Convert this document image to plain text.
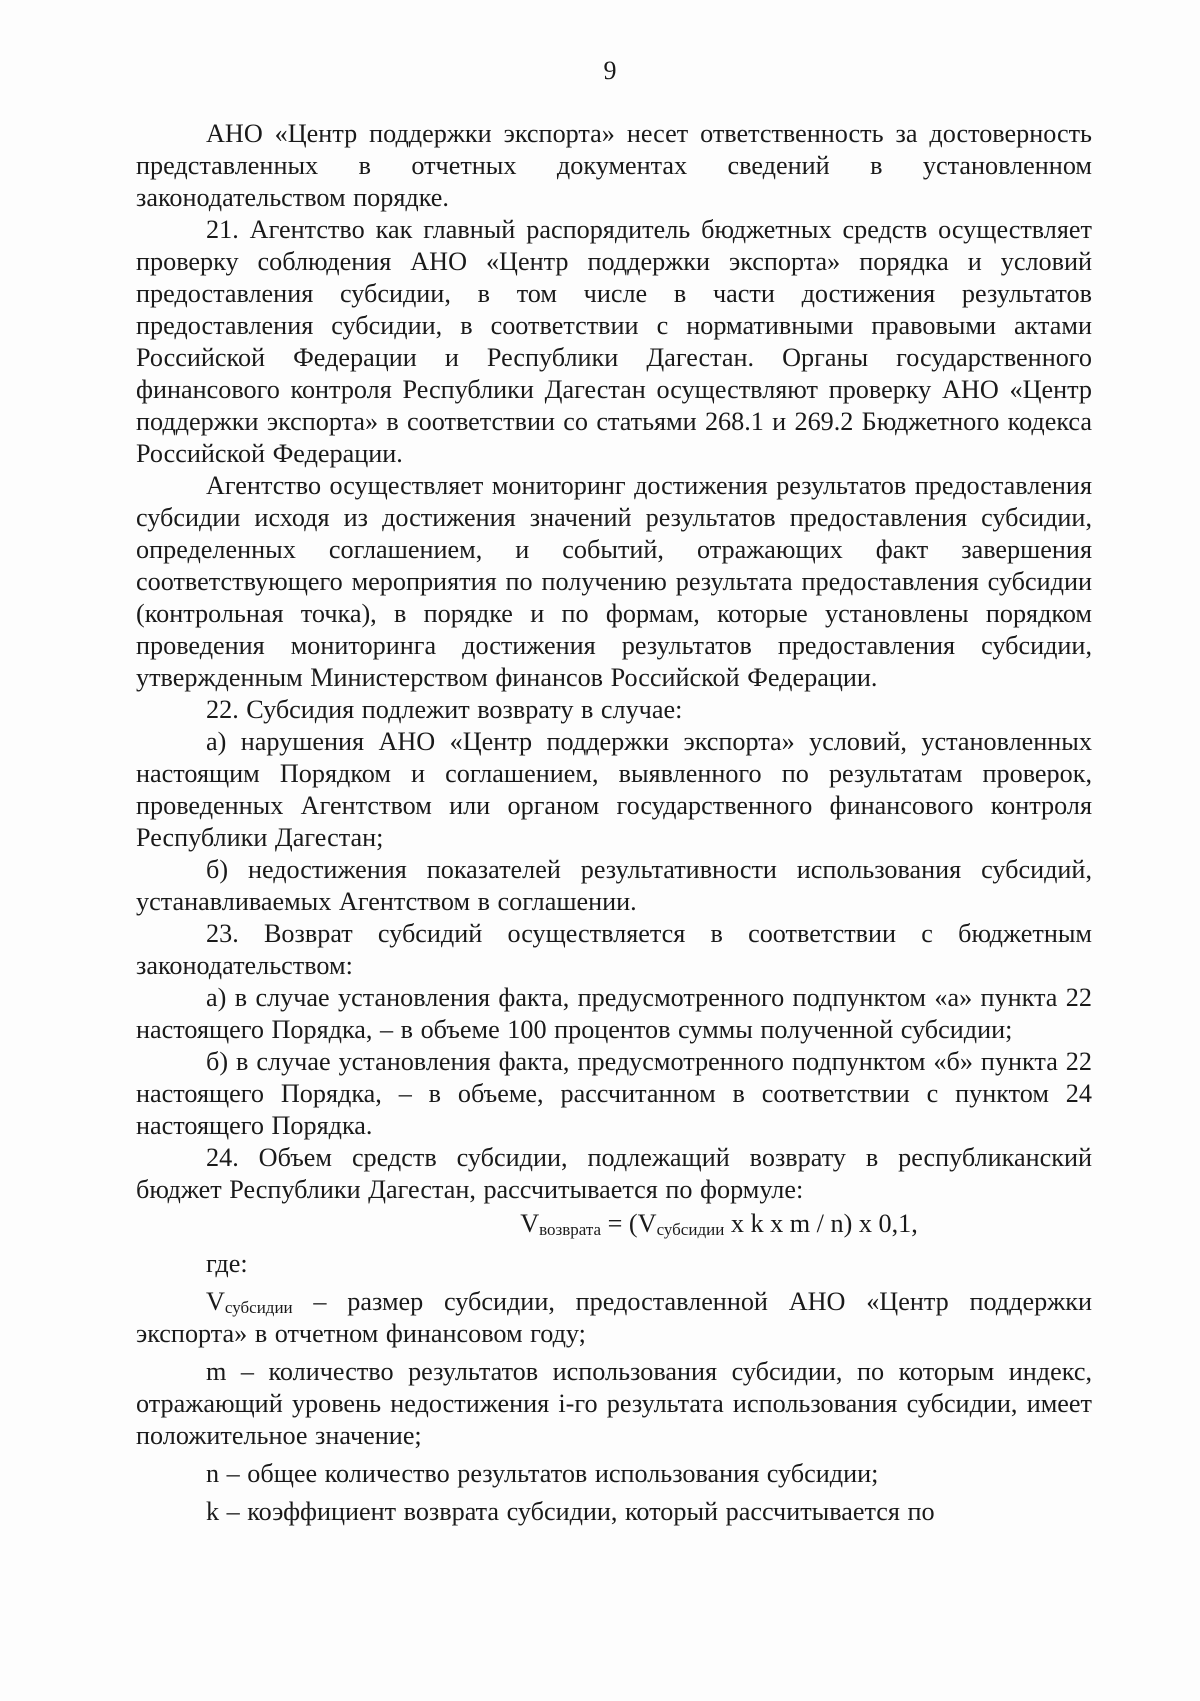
9

АНО «Центр поддержки экспорта» несет ответственность за достоверность представленных в отчетных документах сведений в установленном законодательством порядке.

21. Агентство как главный распорядитель бюджетных средств осуществляет проверку соблюдения АНО «Центр поддержки экспорта» порядка и условий предоставления субсидии, в том числе в части достижения результатов предоставления субсидии, в соответствии с нормативными правовыми актами Российской Федерации и Республики Дагестан. Органы государственного финансового контроля Республики Дагестан осуществляют проверку АНО «Центр поддержки экспорта» в соответствии со статьями 268.1 и 269.2 Бюджетного кодекса Российской Федерации.

Агентство осуществляет мониторинг достижения результатов предоставления субсидии исходя из достижения значений результатов предоставления субсидии, определенных соглашением, и событий, отражающих факт завершения соответствующего мероприятия по получению результата предоставления субсидии (контрольная точка), в порядке и по формам, которые установлены порядком проведения мониторинга достижения результатов предоставления субсидии, утвержденным Министерством финансов Российской Федерации.

22. Субсидия подлежит возврату в случае:

а) нарушения АНО «Центр поддержки экспорта» условий, установленных настоящим Порядком и соглашением, выявленного по результатам проверок, проведенных Агентством или органом государственного финансового контроля Республики Дагестан;

б) недостижения показателей результативности использования субсидий, устанавливаемых Агентством в соглашении.

23. Возврат субсидий осуществляется в соответствии с бюджетным законодательством:

а) в случае установления факта, предусмотренного подпунктом «а» пункта 22 настоящего Порядка, – в объеме 100 процентов суммы полученной субсидии;

б) в случае установления факта, предусмотренного подпунктом «б» пункта 22 настоящего Порядка, – в объеме, рассчитанном в соответствии с пунктом 24 настоящего Порядка.

24. Объем средств субсидии, подлежащий возврату в республиканский бюджет Республики Дагестан, рассчитывается по формуле:

$V_{возврата} = (V_{субсидии}$ x k x m / n) x 0,1,

где:

$V_{субсидии}$ – размер субсидии, предоставленной АНО «Центр поддержки экспорта» в отчетном финансовом году;

m – количество результатов использования субсидии, по которым индекс, отражающий уровень недостижения i-го результата использования субсидии, имеет положительное значение;

n – общее количество результатов использования субсидии;

k – коэффициент возврата субсидии, который рассчитывается по
